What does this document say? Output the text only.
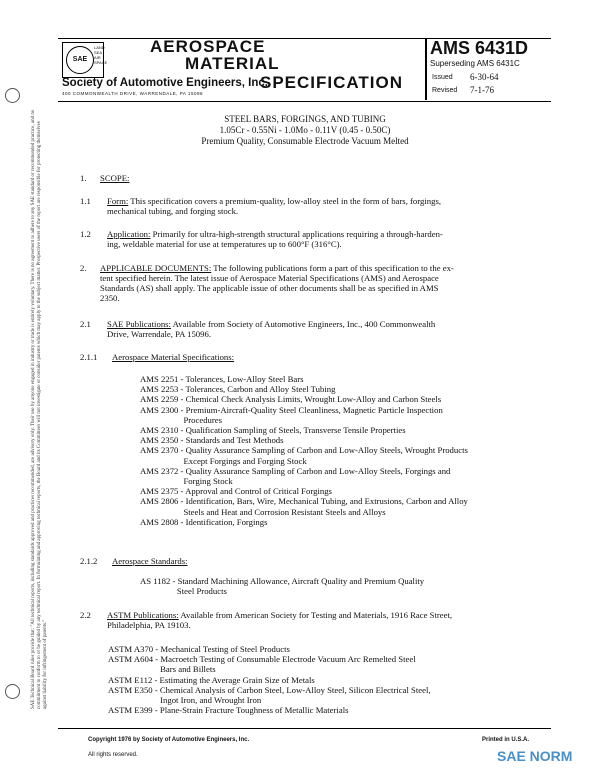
SAE Technical Board rules provide that: "All technical reports, including standards approved and practices recommended, are advisory only. Their use by anyone engaged in industry or trade is entirely voluntary. There is no agreement to adhere to any SAE standard or recommended practice, and no commitment to conform to or be guided by any technical report. In formulating and approving technical reports, the Board and its Committees will not investigate or consider patents which may apply to the subject matter. Prospective users of the report are responsible for protecting themselves against liability for infringement of patents."
SAE
LAND
SEA
AIR
SPACE
AEROSPACE
MATERIAL
SPECIFICATION
Society of Automotive Engineers, Inc.
400 COMMONWEALTH DRIVE, WARRENDALE, PA 15096
AMS 6431D
Superseding AMS 6431C
Issued 6-30-64
Revised 7-1-76
STEEL BARS, FORGINGS, AND TUBING
1.05Cr - 0.55Ni - 1.0Mo - 0.11V (0.45 - 0.50C)
Premium Quality, Consumable Electrode Vacuum Melted
1. SCOPE:
1.1 Form: This specification covers a premium-quality, low-alloy steel in the form of bars, forgings,
mechanical tubing, and forging stock.
1.2 Application: Primarily for ultra-high-strength structural applications requiring a through-harden-
ing, weldable material for use at temperatures up to 600°F (316°C).
2. APPLICABLE DOCUMENTS: The following publications form a part of this specification to the ex-
tent specified herein. The latest issue of Aerospace Material Specifications (AMS) and Aerospace
Standards (AS) shall apply. The applicable issue of other documents shall be as specified in AMS
2350.
2.1 SAE Publications: Available from Society of Automotive Engineers, Inc., 400 Commonwealth
Drive, Warrendale, PA 15096.
2.1.1 Aerospace Material Specifications:
AMS 2251 - Tolerances, Low-Alloy Steel Bars
AMS 2253 - Tolerances, Carbon and Alloy Steel Tubing
AMS 2259 - Chemical Check Analysis Limits, Wrought Low-Alloy and Carbon Steels
AMS 2300 - Premium-Aircraft-Quality Steel Cleanliness, Magnetic Particle Inspection
Procedures
AMS 2310 - Qualification Sampling of Steels, Transverse Tensile Properties
AMS 2350 - Standards and Test Methods
AMS 2370 - Quality Assurance Sampling of Carbon and Low-Alloy Steels, Wrought Products
Except Forgings and Forging Stock
AMS 2372 - Quality Assurance Sampling of Carbon and Low-Alloy Steels, Forgings and
Forging Stock
AMS 2375 - Approval and Control of Critical Forgings
AMS 2806 - Identification, Bars, Wire, Mechanical Tubing, and Extrusions, Carbon and Alloy
Steels and Heat and Corrosion Resistant Steels and Alloys
AMS 2808 - Identification, Forgings
2.1.2 Aerospace Standards:
AS 1182 - Standard Machining Allowance, Aircraft Quality and Premium Quality
Steel Products
2.2 ASTM Publications: Available from American Society for Testing and Materials, 1916 Race Street,
Philadelphia, PA 19103.
ASTM A370 - Mechanical Testing of Steel Products
ASTM A604 - Macroetch Testing of Consumable Electrode Vacuum Arc Remelted Steel
Bars and Billets
ASTM E112 - Estimating the Average Grain Size of Metals
ASTM E350 - Chemical Analysis of Carbon Steel, Low-Alloy Steel, Silicon Electrical Steel,
Ingot Iron, and Wrought Iron
ASTM E399 - Plane-Strain Fracture Toughness of Metallic Materials
Copyright 1976 by Society of Automotive Engineers, Inc.
All rights reserved.
Printed in U.S.A.
SAE NORM
